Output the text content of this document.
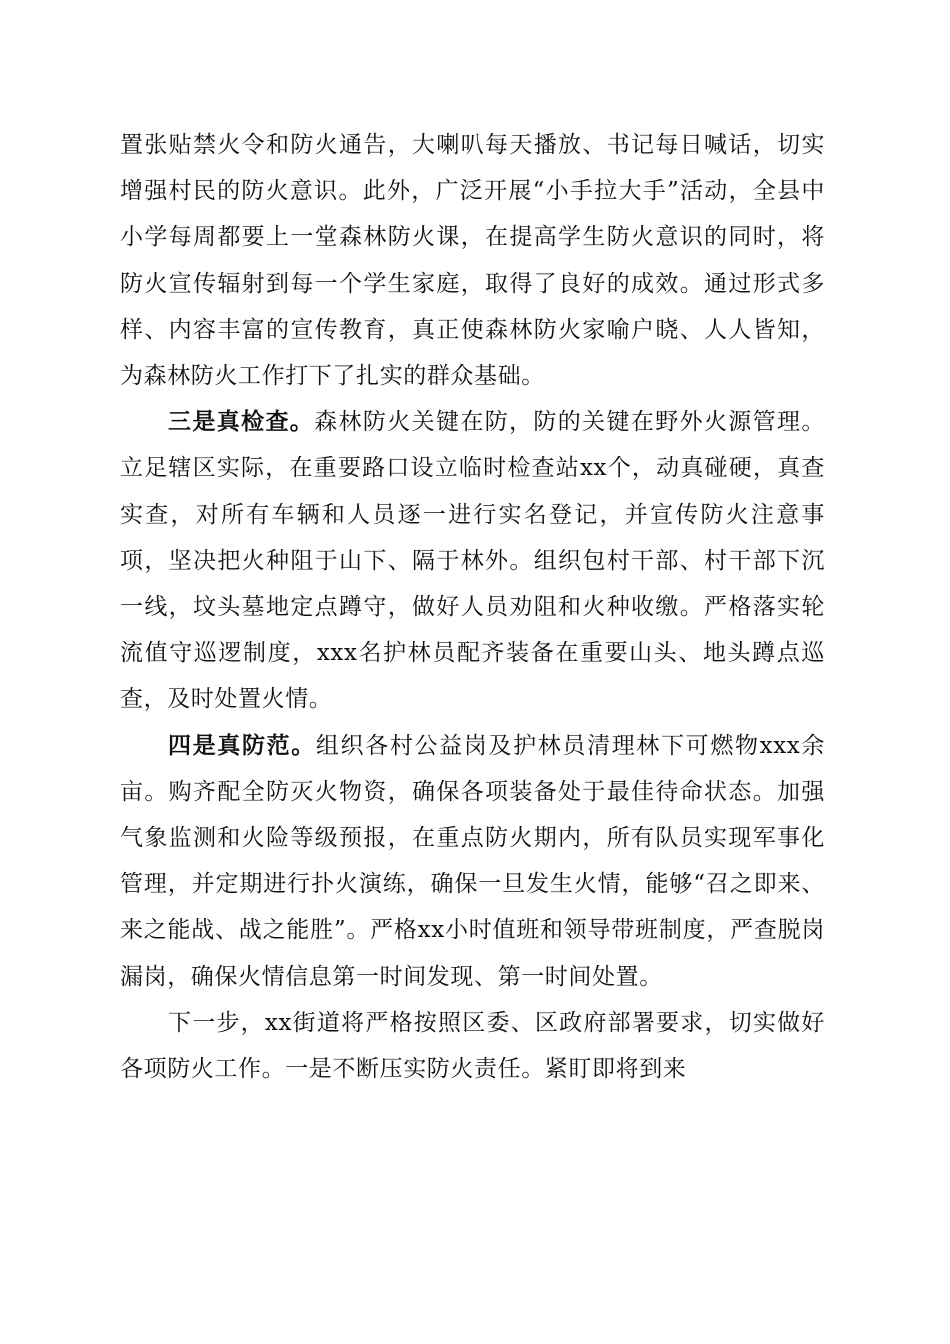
置张贴禁火令和防火通告，大喇叭每天播放、书记每日喊话，切实增强村民的防火意识。此外，广泛开展“小手拉大手”活动，全县中小学每周都要上一堂森林防火课，在提高学生防火意识的同时，将防火宣传辐射到每一个学生家庭，取得了良好的成效。通过形式多样、内容丰富的宣传教育，真正使森林防火家喻户晓、人人皆知，为森林防火工作打下了扎实的群众基础。

三是真检查。森林防火关键在防，防的关键在野外火源管理。立足辖区实际，在重要路口设立临时检查站xx个，动真碰硬，真查实查，对所有车辆和人员逐一进行实名登记，并宣传防火注意事项，坚决把火种阻于山下、隔于林外。组织包村干部、村干部下沉一线，坟头墓地定点蹲守，做好人员劝阻和火种收缴。严格落实轮流值守巡逻制度，xxx名护林员配齐装备在重要山头、地头蹲点巡查，及时处置火情。

四是真防范。组织各村公益岗及护林员清理林下可燃物xxx余亩。购齐配全防灭火物资，确保各项装备处于最佳待命状态。加强气象监测和火险等级预报，在重点防火期内，所有队员实现军事化管理，并定期进行扑火演练，确保一旦发生火情，能够“召之即来、来之能战、战之能胜”。严格xx小时值班和领导带班制度，严查脱岗漏岗，确保火情信息第一时间发现、第一时间处置。

下一步，xx街道将严格按照区委、区政府部署要求，切实做好各项防火工作。一是不断压实防火责任。紧盯即将到来
